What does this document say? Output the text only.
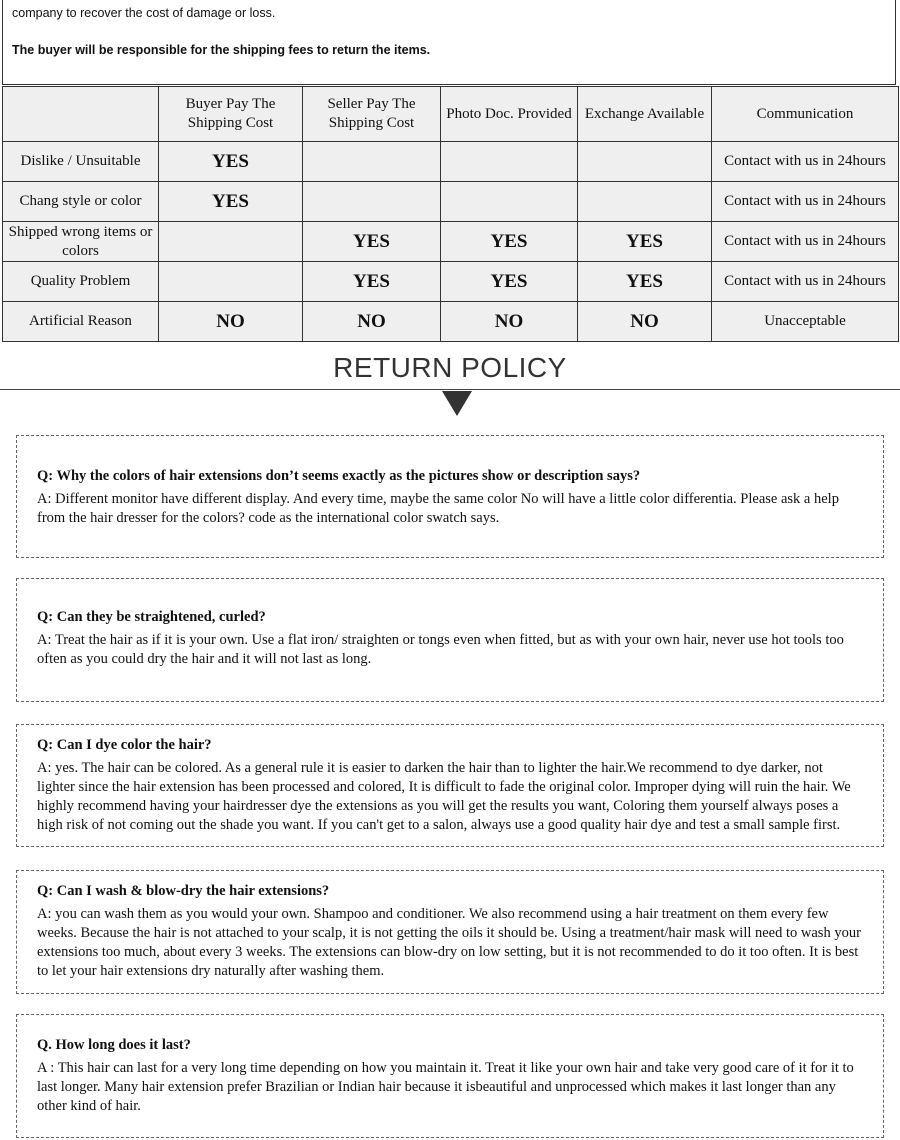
company to recover the cost of damage or loss.
The buyer will be responsible for the shipping fees to return the items.
	Buyer Pay The Shipping Cost	Seller Pay The Shipping Cost	Photo Doc. Provided	Exchange Available	Communication
Dislike / Unsuitable	YES				Contact with us in 24hours
Chang style or color	YES				Contact with us in 24hours
Shipped wrong items or colors		YES	YES	YES	Contact with us in 24hours
Quality Problem		YES	YES	YES	Contact with us in 24hours
Artificial Reason	NO	NO	NO	NO	Unacceptable
RETURN POLICY

Q: Why the colors of hair extensions don’t seems exactly as the pictures show or description says?

A: Different monitor have different display. And every time, maybe the same color No will have a little color differentia. Please ask a help from the hair dresser for the colors? code as the international color swatch says.

Q: Can they be straightened, curled?

A: Treat the hair as if it is your own. Use a flat iron/ straighten or tongs even when fitted, but as with your own hair, never use hot tools too often as you could dry the hair and it will not last as long.

Q: Can I dye color the hair?

A: yes. The hair can be colored. As a general rule it is easier to darken the hair than to lighter the hair.We recommend to dye darker, not lighter since the hair extension has been processed and colored, It is difficult to fade the original color. Improper dying will ruin the hair. We highly recommend having your hairdresser dye the extensions as you will get the results you want, Coloring them yourself always poses a high risk of not coming out the shade you want. If you can't get to a salon, always use a good quality hair dye and test a small sample first.

Q: Can I wash & blow-dry the hair extensions?

A: you can wash them as you would your own. Shampoo and conditioner. We also recommend using a hair treatment on them every few weeks. Because the hair is not attached to your scalp, it is not getting the oils it should be. Using a treatment/hair mask will need to wash your extensions too much, about every 3 weeks. The extensions can blow-dry on low setting, but it is not recommended to do it too often. It is best to let your hair extensions dry naturally after washing them.

Q. How long does it last?

A : This hair can last for a very long time depending on how you maintain it. Treat it like your own hair and take very good care of it for it to last longer. Many hair extension prefer Brazilian or Indian hair because it isbeautiful and unprocessed which makes it last longer than any other kind of hair.
